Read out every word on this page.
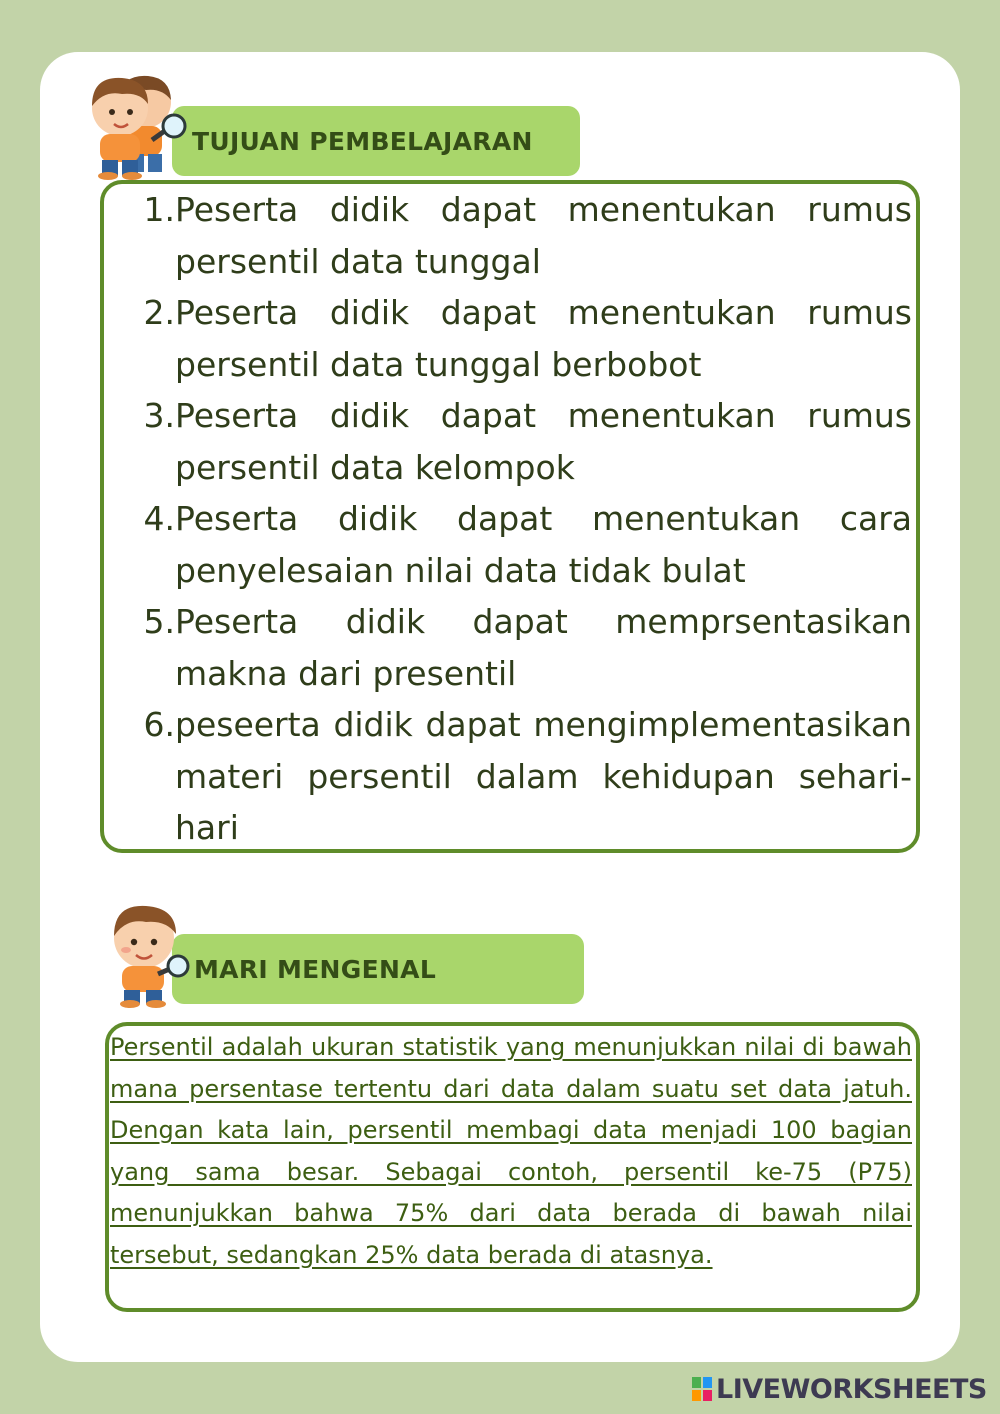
TUJUAN PEMBELAJARAN
1. Peserta didik dapat menentukan rumus persentil data tunggal
2. Peserta didik dapat menentukan rumus persentil data tunggal berbobot
3. Peserta didik dapat menentukan rumus persentil data kelompok
4. Peserta didik dapat menentukan cara penyelesaian nilai data tidak bulat
5. Peserta didik dapat memprsentasikan makna dari presentil
6. peseerta didik dapat mengimplementasikan materi persentil dalam kehidupan sehari-hari
MARI MENGENAL

Persentil adalah ukuran statistik yang menunjukkan nilai di bawah mana persentase tertentu dari data dalam suatu set data jatuh. Dengan kata lain, persentil membagi data menjadi 100 bagian yang sama besar. Sebagai contoh, persentil ke-75 (P75) menunjukkan bahwa 75% dari data berada di bawah nilai tersebut, sedangkan 25% data berada di atasnya.

LIVEWORKSHEETS
